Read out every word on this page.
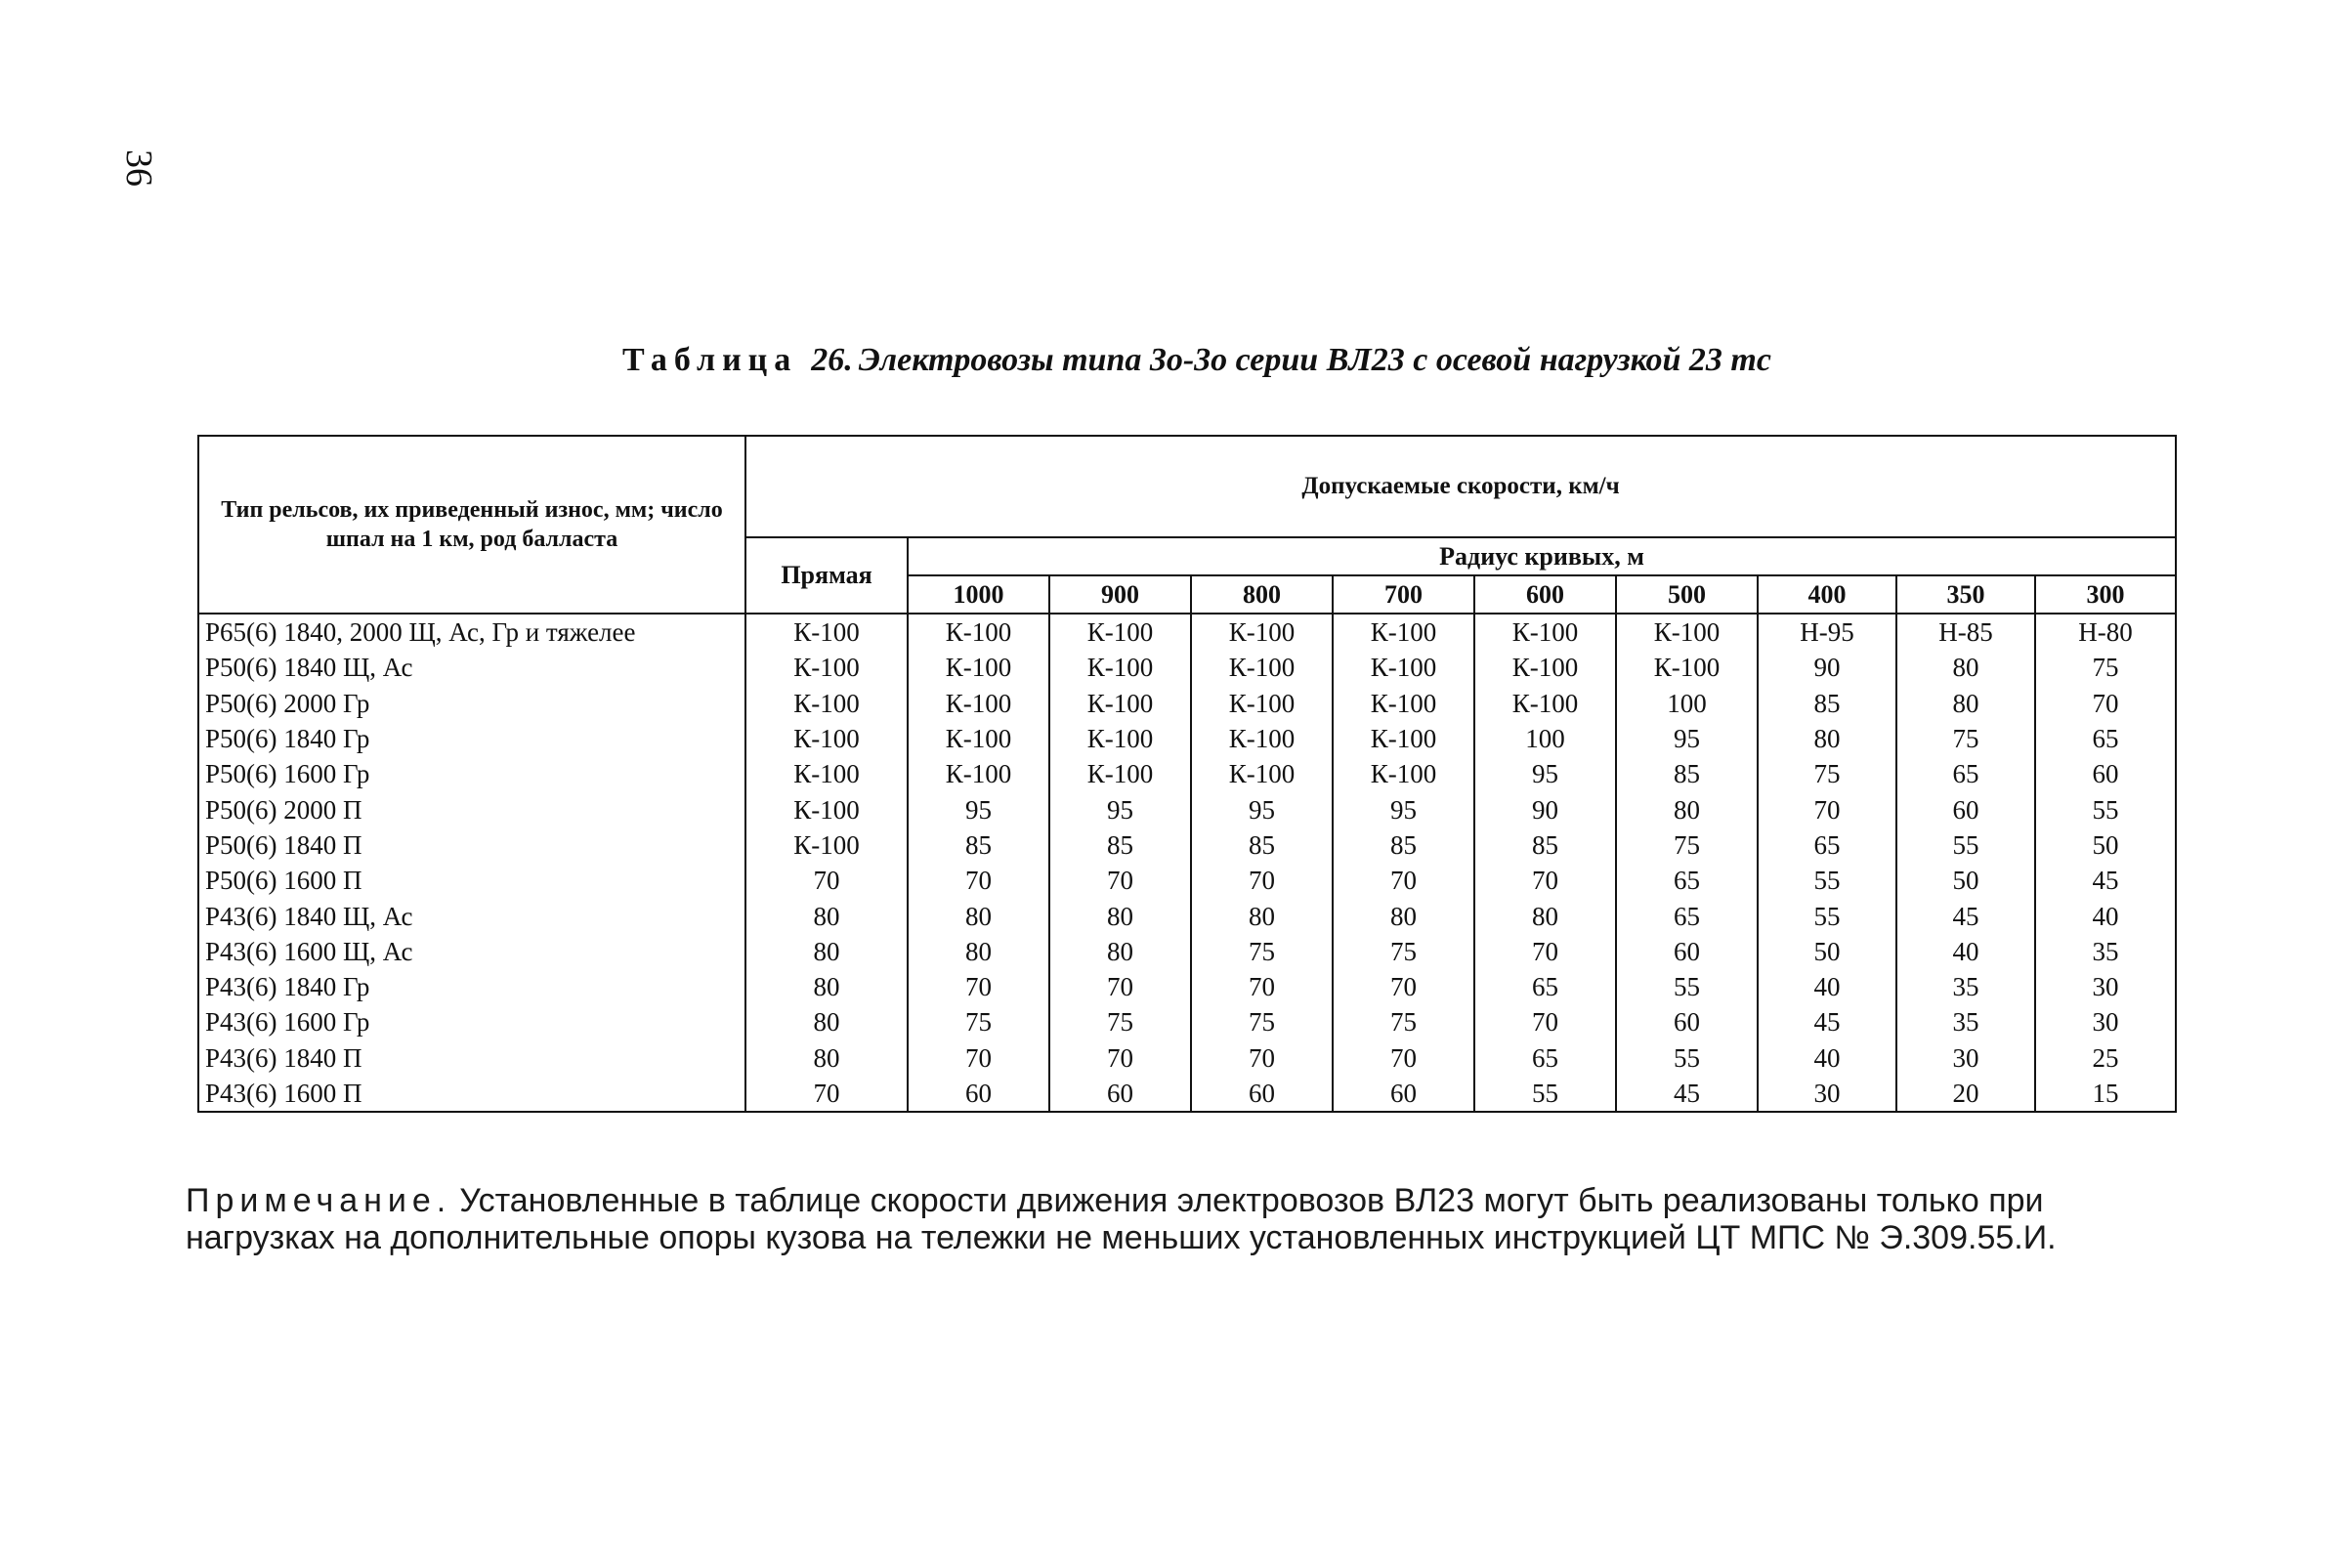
36
Таблица 26. Электровозы типа 3о-3о серии ВЛ23 с осевой нагрузкой 23 тс
Тип рельсов, их приведенный износ, мм; число шпал на 1 км, род балласта	Допускаемые скорости, км/ч									
	Прямая	Радиус кривых, м								
		1000	900	800	700	600	500	400	350	300
Р65(6) 1840, 2000 Щ, Ас, Гр и тяжелее	К-100	К-100	К-100	К-100	К-100	К-100	К-100	Н-95	Н-85	Н-80
Р50(6) 1840 Щ, Ас	К-100	К-100	К-100	К-100	К-100	К-100	К-100	90	80	75
Р50(6) 2000 Гр	К-100	К-100	К-100	К-100	К-100	К-100	100	85	80	70
Р50(6) 1840 Гр	К-100	К-100	К-100	К-100	К-100	100	95	80	75	65
Р50(6) 1600 Гр	К-100	К-100	К-100	К-100	К-100	95	85	75	65	60
Р50(6) 2000 П	К-100	95	95	95	95	90	80	70	60	55
Р50(6) 1840 П	К-100	85	85	85	85	85	75	65	55	50
Р50(6) 1600 П	70	70	70	70	70	70	65	55	50	45
Р43(6) 1840 Щ, Ас	80	80	80	80	80	80	65	55	45	40
Р43(6) 1600 Щ, Ас	80	80	80	75	75	70	60	50	40	35
Р43(6) 1840 Гр	80	70	70	70	70	65	55	40	35	30
Р43(6) 1600 Гр	80	75	75	75	75	70	60	45	35	30
Р43(6) 1840 П	80	70	70	70	70	65	55	40	30	25
Р43(6) 1600 П	70	60	60	60	60	55	45	30	20	15
Примечание. Установленные в таблице скорости движения электровозов ВЛ23 могут быть реализованы только при нагрузках на дополнительные опоры кузова на тележки не меньших установленных инструкцией ЦТ МПС № Э.309.55.И.
